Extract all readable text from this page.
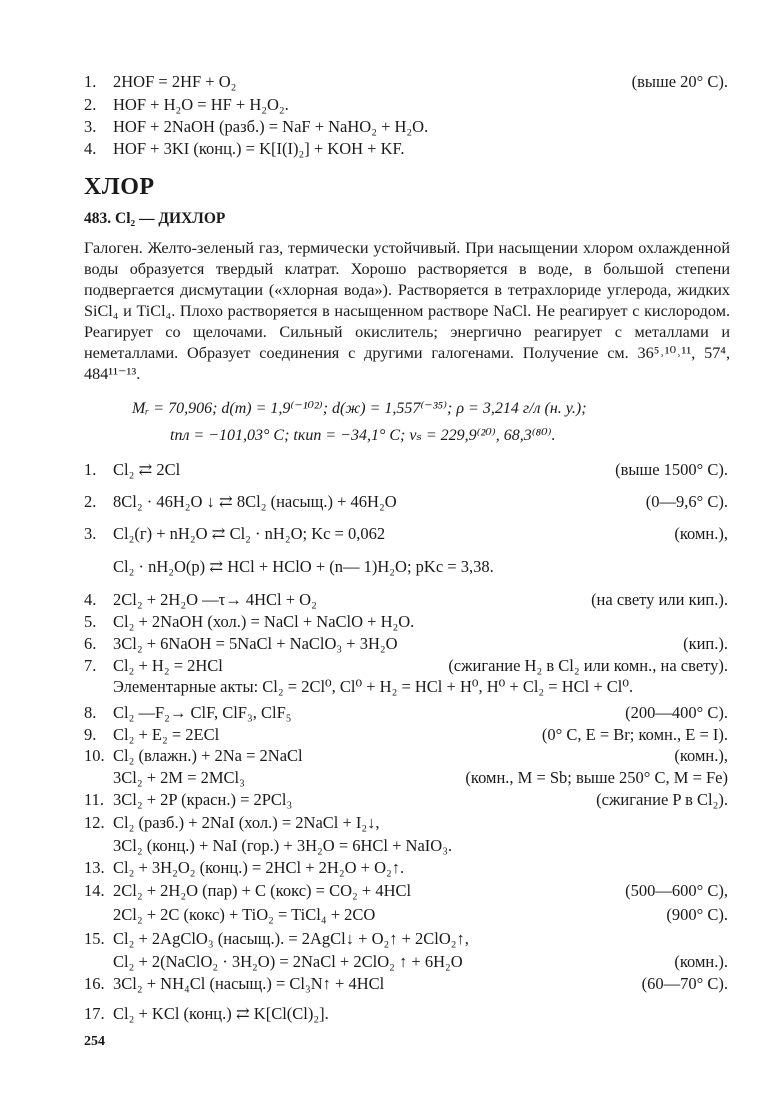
1. 2HOF = 2HF + O₂	(выше 20° С).
2. HOF + H₂O = HF + H₂O₂.
3. HOF + 2NaOH (разб.) = NaF + NaHO₂ + H₂O.
4. HOF + 3KI (конц.) = K[I(I)₂] + KOH + KF.
ХЛОР
483. Cl₂ — ДИХЛОР
Галоген. Желто-зеленый газ, термически устойчивый. При насыщении хлором охлажденной воды образуется твердый клатрат. Хорошо растворяется в воде, в большой степени подвергается дисмутации («хлорная вода»). Растворяется в тетрахлориде углерода, жидких SiCl₄ и TiCl₄. Плохо растворяется в насыщенном растворе NaCl. Не реагирует с кислородом. Реагирует со щелочами. Сильный окислитель; энергично реагирует с металлами и неметаллами. Образует соединения с другими галогенами. Получение см. 36⁵˒¹⁰˒¹¹, 57⁴, 484¹¹⁻¹³.
Mᵣ = 70,906; d(т) = 1,9⁽⁻¹⁰²⁾; d(ж) = 1,557⁽⁻³⁵⁾; ρ = 3,214 г/л (н. у.);
tпл = −101,03° C; tкип = −34,1° C; vₛ = 229,9⁽²⁰⁾, 68,3⁽⁸⁰⁾.
1. Cl₂ ⇄ 2Cl	(выше 1500° C).
2. 8Cl₂ · 46H₂O ↓ ⇄ 8Cl₂ (насыщ.) + 46H₂O	(0—9,6° С).
3. Cl₂(г) + nH₂O ⇄ Cl₂ · nH₂O; Kc = 0,062	(комн.),
Cl₂ · nH₂O(р) ⇄ HCl + HClO + (n— 1)H₂O; pKc = 3,38.
4. 2Cl₂ + 2H₂O —τ→ 4HCl + O₂	(на свету или кип.).
5. Cl₂ + 2NaOH (хол.) = NaCl + NaClO + H₂O.
6. 3Cl₂ + 6NaOH = 5NaCl + NaClO₃ + 3H₂O	(кип.).
7. Cl₂ + H₂ = 2HCl	(сжигание H₂ в Cl₂ или комн., на свету).
Элементарные акты: Cl₂ = 2Cl⁰, Cl⁰ + H₂ = HCl + H⁰, H⁰ + Cl₂ = HCl + Cl⁰.
8. Cl₂ —F₂→ ClF, ClF₃, ClF₅	(200—400° С).
9. Cl₂ + E₂ = 2ECl	(0° С, E = Br; комн., E = I).
10. Cl₂ (влажн.) + 2Na = 2NaCl	(комн.),
3Cl₂ + 2M = 2MCl₃	(комн., M = Sb; выше 250° С, M = Fe)
11. 3Cl₂ + 2P (красн.) = 2PCl₃	(сжигание P в Cl₂).
12. Cl₂ (разб.) + 2NaI (хол.) = 2NaCl + I₂↓,
3Cl₂ (конц.) + NaI (гор.) + 3H₂O = 6HCl + NaIO₃.
13. Cl₂ + 3H₂O₂ (конц.) = 2HCl + 2H₂O + O₂↑.
14. 2Cl₂ + 2H₂O (пар) + C (кокс) = CO₂ + 4HCl	(500—600° С),
2Cl₂ + 2C (кокс) + TiO₂ = TiCl₄ + 2CO	(900° С).
15. Cl₂ + 2AgClO₃ (насыщ.). = 2AgCl↓ + O₂↑ + 2ClO₂↑,
Cl₂ + 2(NaClO₂ · 3H₂O) = 2NaCl + 2ClO₂ ↑ + 6H₂O	(комн.).
16. 3Cl₂ + NH₄Cl (насыщ.) = Cl₃N↑ + 4HCl	(60—70° С).
17. Cl₂ + KCl (конц.) ⇄ K[Cl(Cl)₂].
254
